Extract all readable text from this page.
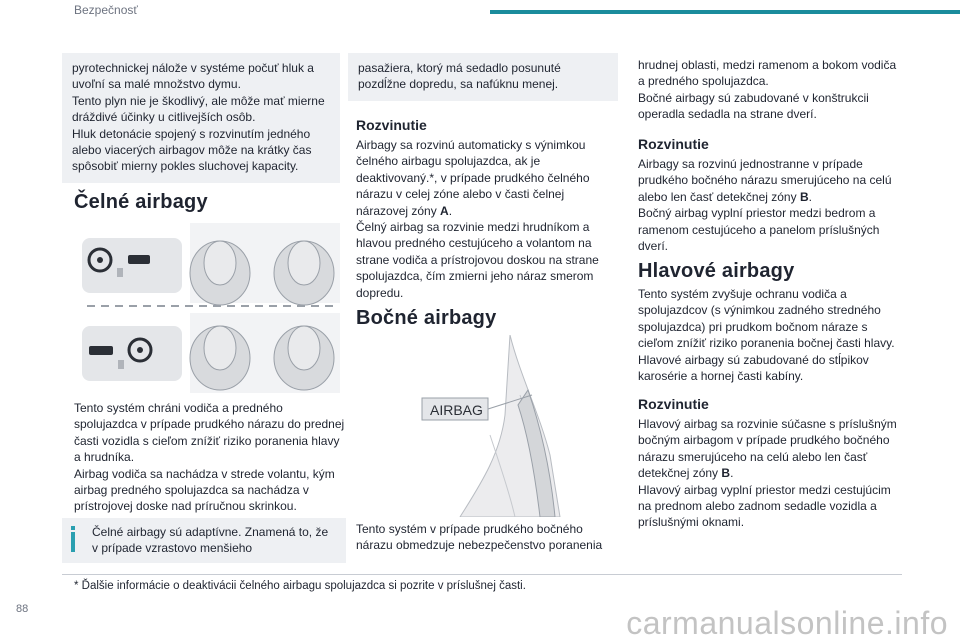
Bezpečnosť
pyrotechnickej nálože v systéme počuť hluk a uvoľní sa malé množstvo dymu.
Tento plyn nie je škodlivý, ale môže mať mierne dráždivé účinky u citlivejších osôb.
Hluk detonácie spojený s rozvinutím jedného alebo viacerých airbagov môže na krátky čas spôsobiť mierny pokles sluchovej kapacity.
Čelné airbagy
Tento systém chráni vodiča a predného spolujazdca v prípade prudkého nárazu do prednej časti vozidla s cieľom znížiť riziko poranenia hlavy a hrudníka.
Airbag vodiča sa nachádza v strede volantu, kým airbag predného spolujazdca sa nachádza v prístrojovej doske nad príručnou skrinkou.
Čelné airbagy sú adaptívne. Znamená to, že v prípade vzrastovo menšieho
pasažiera, ktorý má sedadlo posunuté pozdĺžne dopredu, sa nafúknu menej.
Rozvinutie
Airbagy sa rozvinú automaticky s výnimkou čelného airbagu spolujazdca, ak je deaktivovaný.*, v prípade prudkého čelného nárazu v celej zóne alebo v časti čelnej nárazovej zóny A.
Čelný airbag sa rozvinie medzi hrudníkom a hlavou predného cestujúceho a volantom na strane vodiča a prístrojovou doskou na strane spolujazdca, čím zmierni jeho náraz smerom dopredu.
Bočné airbagy
AIRBAG
Tento systém v prípade prudkého bočného nárazu obmedzuje nebezpečenstvo poranenia
hrudnej oblasti, medzi ramenom a bokom vodiča a predného spolujazdca.
Bočné airbagy sú zabudované v konštrukcii operadla sedadla na strane dverí.
Rozvinutie
Airbagy sa rozvinú jednostranne v prípade prudkého bočného nárazu smerujúceho na celú alebo len časť detekčnej zóny B.
Bočný airbag vyplní priestor medzi bedrom a ramenom cestujúceho a panelom príslušných dverí.
Hlavové airbagy
Tento systém zvyšuje ochranu vodiča a spolujazdcov (s výnimkou zadného stredného spolujazdca) pri prudkom bočnom náraze s cieľom znížiť riziko poranenia bočnej časti hlavy.
Hlavové airbagy sú zabudované do stĺpikov karosérie a hornej časti kabíny.
Rozvinutie
Hlavový airbag sa rozvinie súčasne s príslušným bočným airbagom v prípade prudkého bočného nárazu smerujúceho na celú alebo len časť detekčnej zóny B.
Hlavový airbag vyplní priestor medzi cestujúcim na prednom alebo zadnom sedadle vozidla a príslušnými oknami.
* Ďalšie informácie o deaktivácii čelného airbagu spolujazdca si pozrite v príslušnej časti.
88	carmanualsonline.info
